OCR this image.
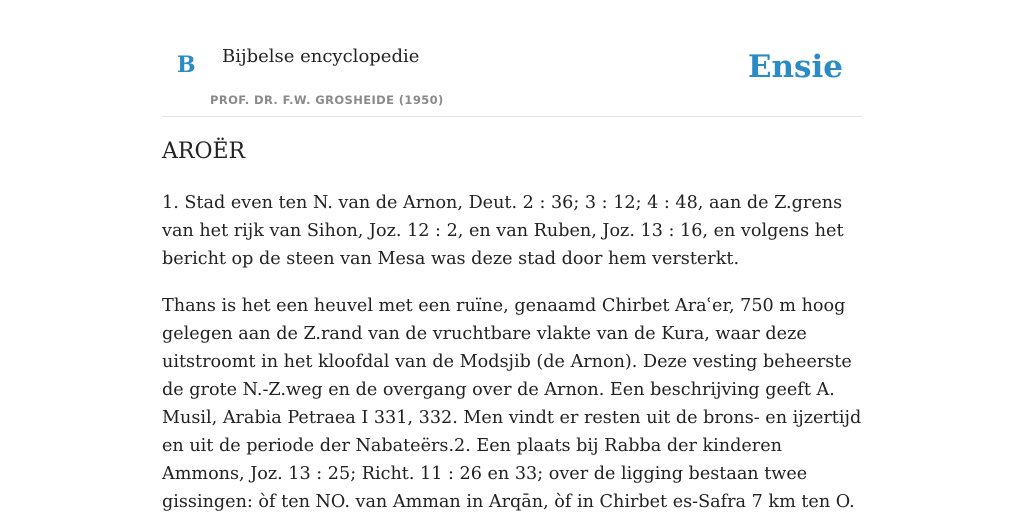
B Bijbelse encyclopedie
PROF. DR. F.W. GROSHEIDE (1950)
Ensie
AROËR

1. Stad even ten N. van de Arnon, Deut. 2 : 36; 3 : 12; 4 : 48, aan de Z.grens van het rijk van Sihon, Joz. 12 : 2, en van Ruben, Joz. 13 : 16, en volgens het bericht op de steen van Mesa was deze stad door hem versterkt.

Thans is het een heuvel met een ruïne, genaamd Chirbet Araʿer, 750 m hoog gelegen aan de Z.rand van de vruchtbare vlakte van de Kura, waar deze uitstroomt in het kloofdal van de Modsjib (de Arnon). Deze vesting beheerste de grote N.-Z.weg en de overgang over de Arnon. Een beschrijving geeft A. Musil, Arabia Petraea I 331, 332. Men vindt er resten uit de brons- en ijzertijd en uit de periode der Nabateërs.2. Een plaats bij Rabba der kinderen Ammons, Joz. 13 : 25; Richt. 11 : 26 en 33; over de ligging bestaan twee gissingen: òf ten NO. van Amman in Arqān, òf in Chirbet es-Safra 7 km ten O.
